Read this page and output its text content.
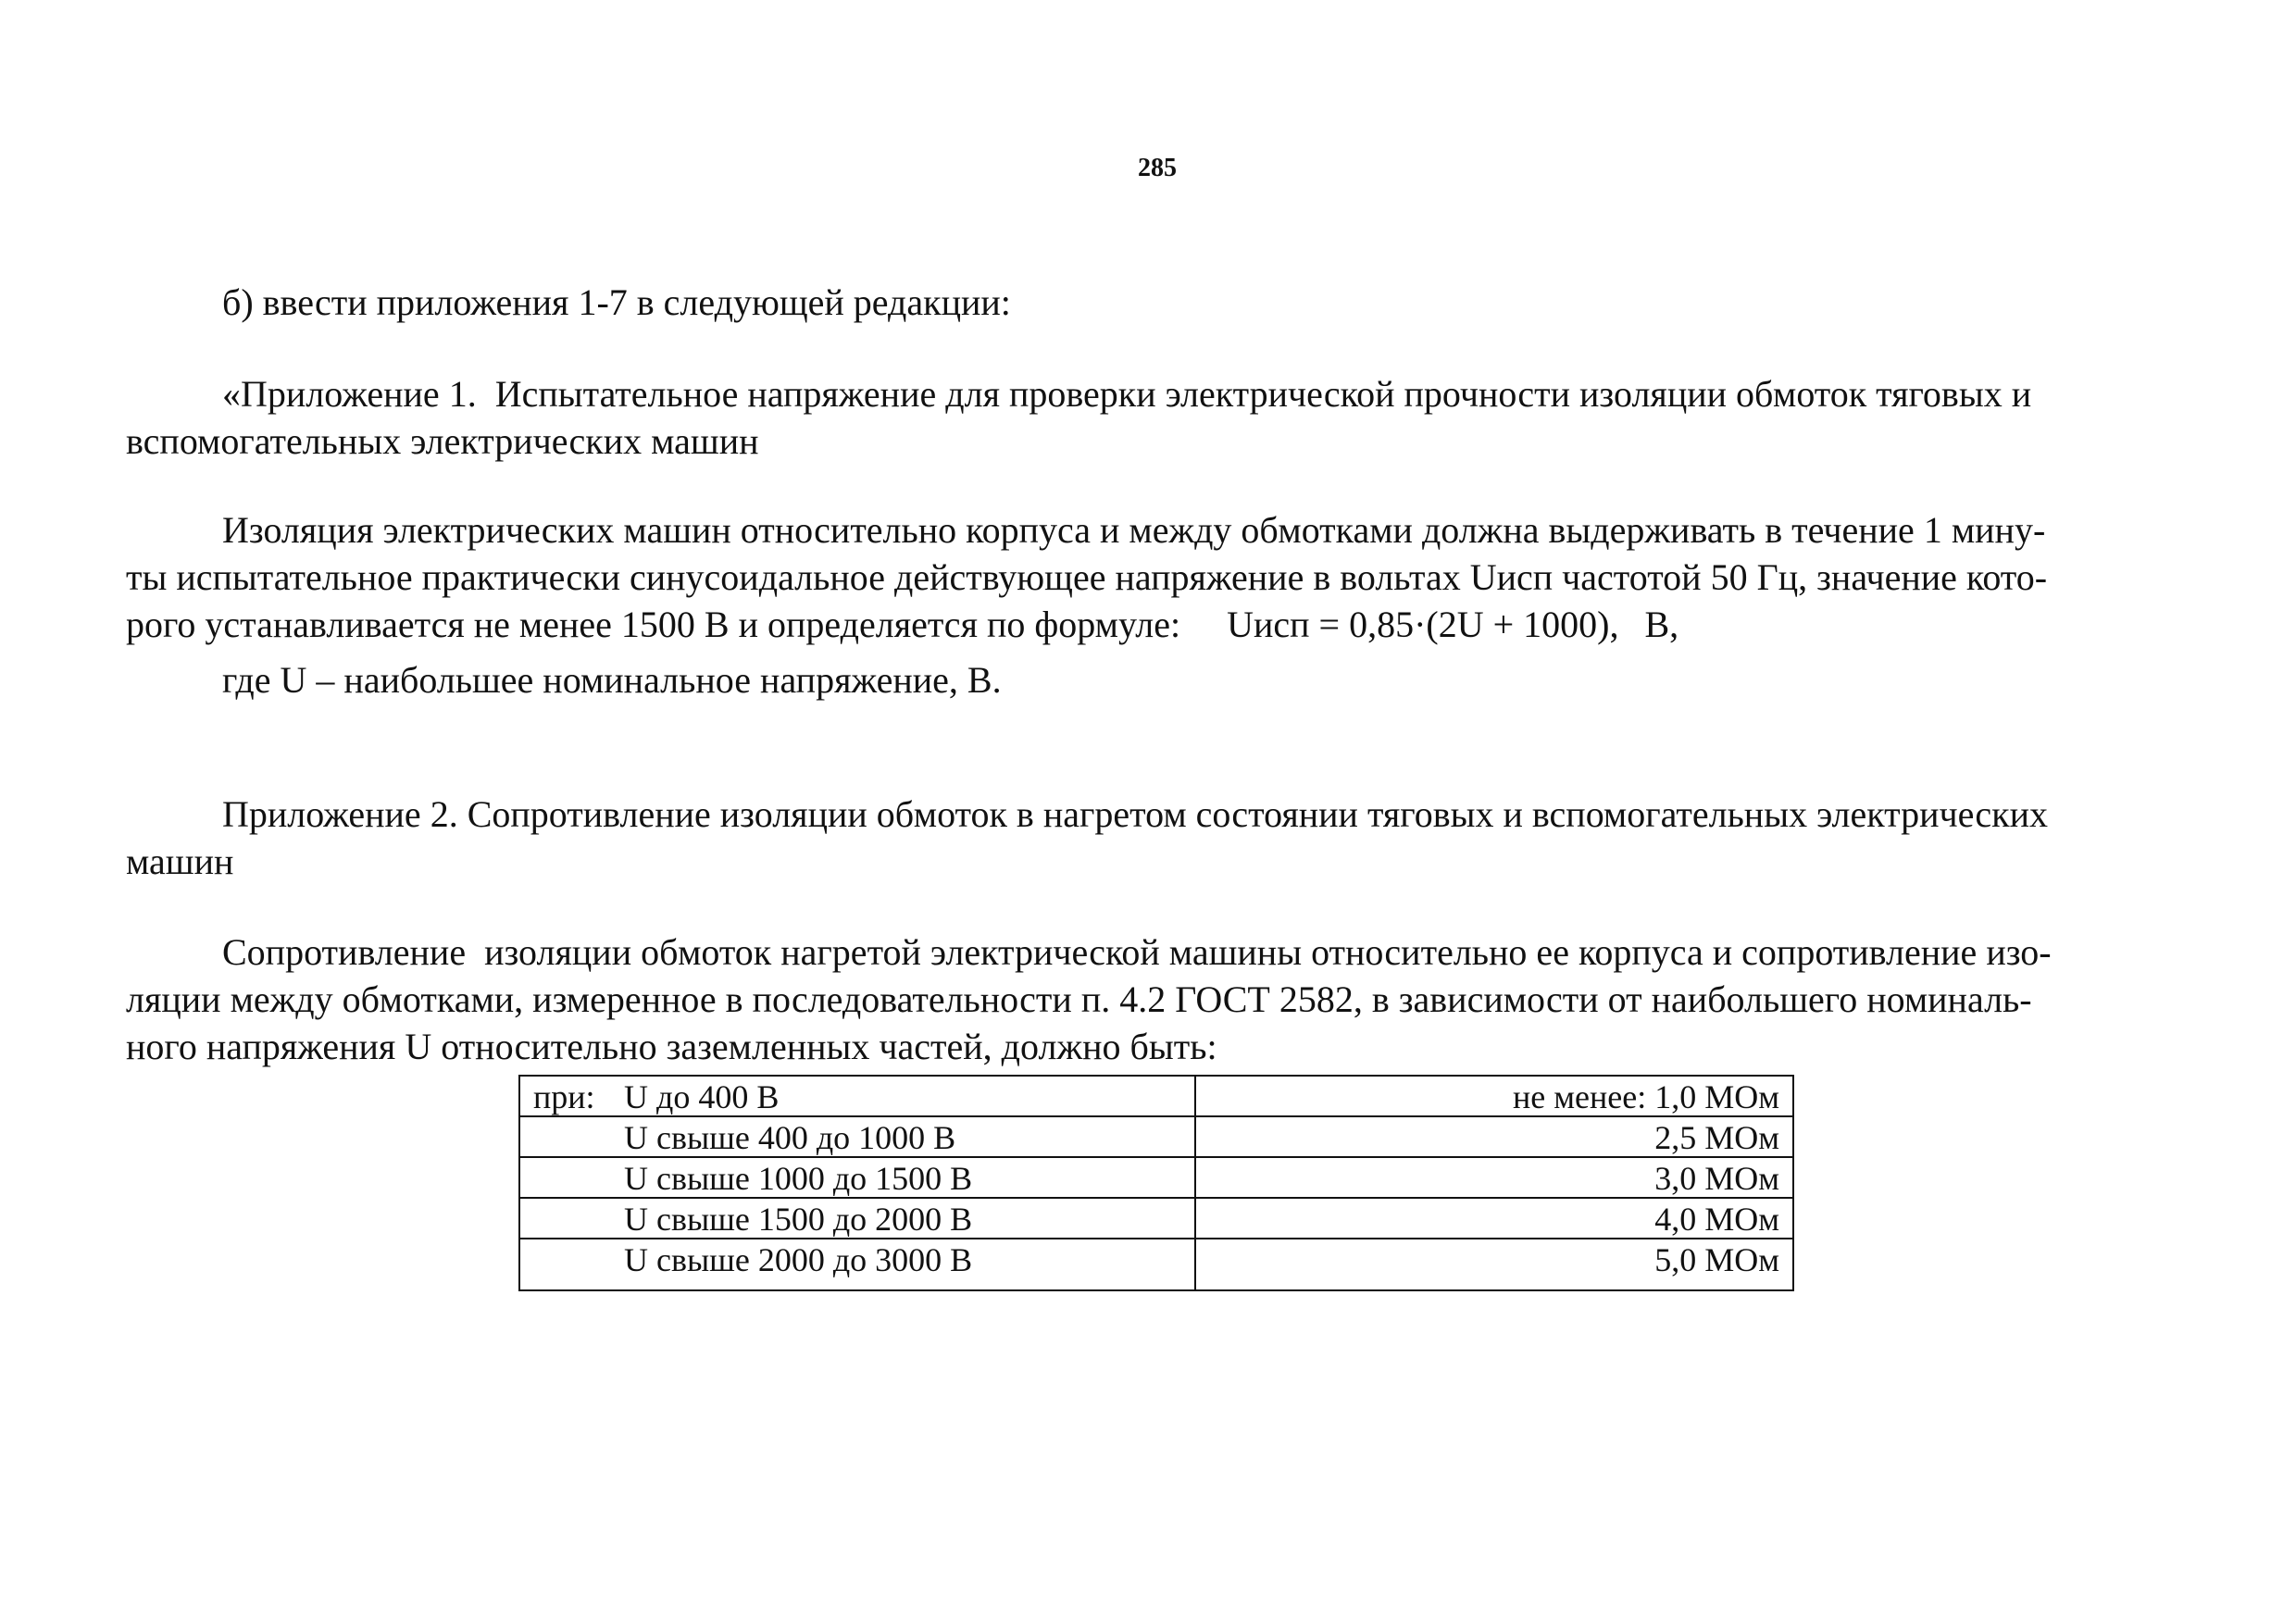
285
б) ввести приложения 1-7 в следующей редакции:
«Приложение 1.  Испытательное напряжение для проверки электрической прочности изоляции обмоток тяговых и
вспомогательных электрических машин
Изоляция электрических машин относительно корпуса и между обмотками должна выдерживать в течение 1 мину-
ты испытательное практически синусоидальное действующее напряжение в вольтах Uисп частотой 50 Гц, значение кото-
рого устанавливается не менее 1500 В и определяется по формуле: Uисп = 0,85·(2U + 1000), В,
где U – наибольшее номинальное напряжение, В.
Приложение 2. Сопротивление изоляции обмоток в нагретом состоянии тяговых и вспомогательных электрических
машин
Сопротивление  изоляции обмоток нагретой электрической машины относительно ее корпуса и сопротивление изо-
ляции между обмотками, измеренное в последовательности п. 4.2 ГОСТ 2582, в зависимости от наибольшего номиналь-
ного напряжения U относительно заземленных частей, должно быть:
при: U до 400 В	не менее: 1,0 МОм
U свыше 400 до 1000 В	2,5 МОм
U свыше 1000 до 1500 В	3,0 МОм
U свыше 1500 до 2000 В	4,0 МОм
U свыше 2000 до 3000 В	5,0 МОм
